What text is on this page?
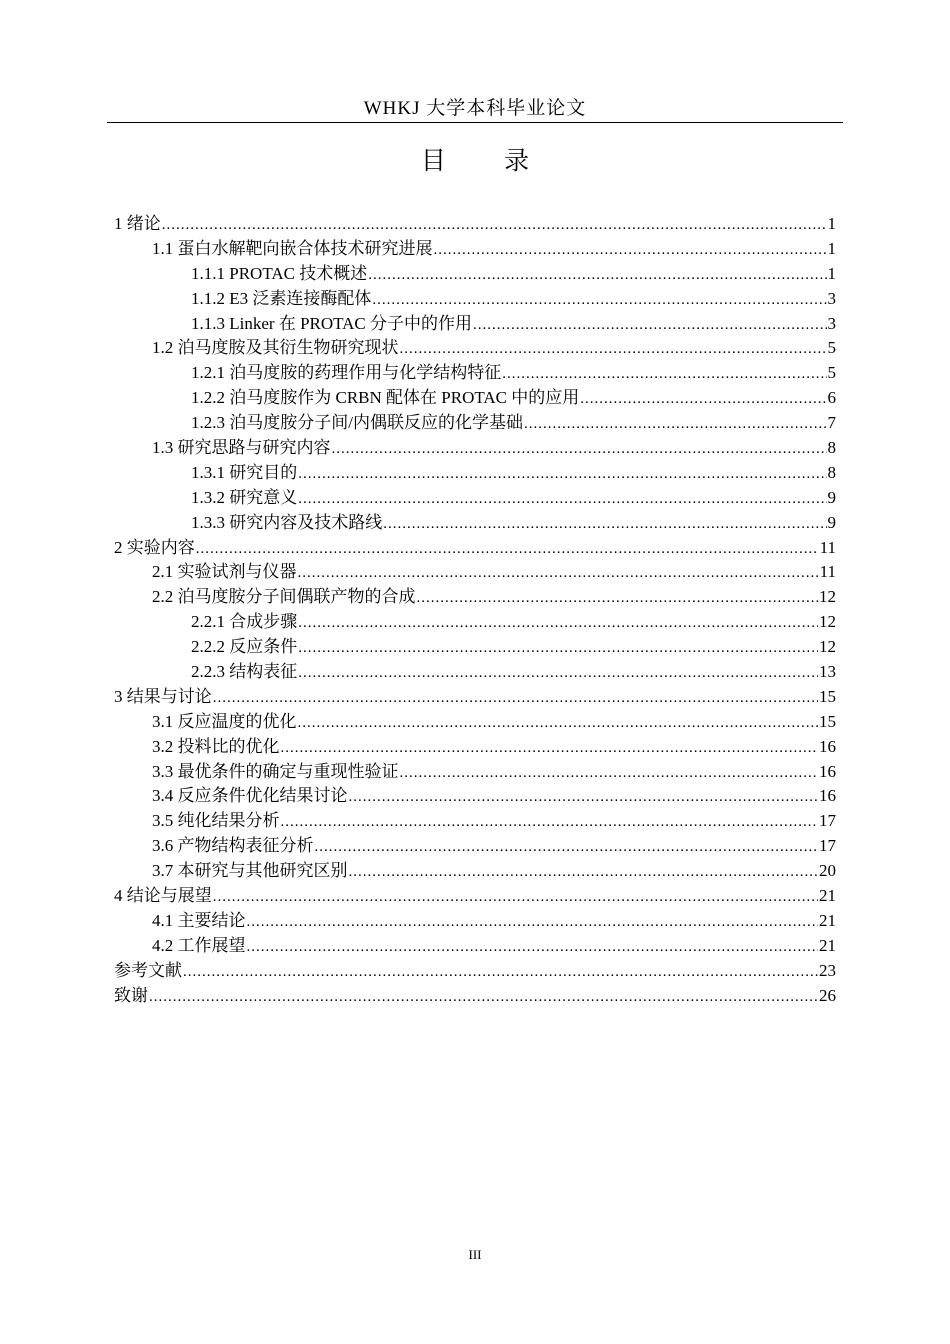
WHKJ 大学本科毕业论文
目 录
1 绪论 .....	1
1.1 蛋白水解靶向嵌合体技术研究进展 .....	1
1.1.1 PROTAC 技术概述 .....	1
1.1.2 E3 泛素连接酶配体 .....	3
1.1.3 Linker 在 PROTAC 分子中的作用 .....	3
1.2 泊马度胺及其衍生物研究现状 .....	5
1.2.1 泊马度胺的药理作用与化学结构特征 .....	5
1.2.2 泊马度胺作为 CRBN 配体在 PROTAC 中的应用 .....	6
1.2.3 泊马度胺分子间/内偶联反应的化学基础 .....	7
1.3 研究思路与研究内容 .....	8
1.3.1 研究目的 .....	8
1.3.2 研究意义 .....	9
1.3.3 研究内容及技术路线 .....	9
2 实验内容 .....	11
2.1 实验试剂与仪器 .....	11
2.2 泊马度胺分子间偶联产物的合成 .....	12
2.2.1 合成步骤 .....	12
2.2.2 反应条件 .....	12
2.2.3 结构表征 .....	13
3 结果与讨论 .....	15
3.1 反应温度的优化 .....	15
3.2 投料比的优化 .....	16
3.3 最优条件的确定与重现性验证 .....	16
3.4 反应条件优化结果讨论 .....	16
3.5 纯化结果分析 .....	17
3.6 产物结构表征分析 .....	17
3.7 本研究与其他研究区别 .....	20
4 结论与展望 .....	21
4.1 主要结论 .....	21
4.2 工作展望 .....	21
参考文献 .....	23
致谢 .....	26
III
